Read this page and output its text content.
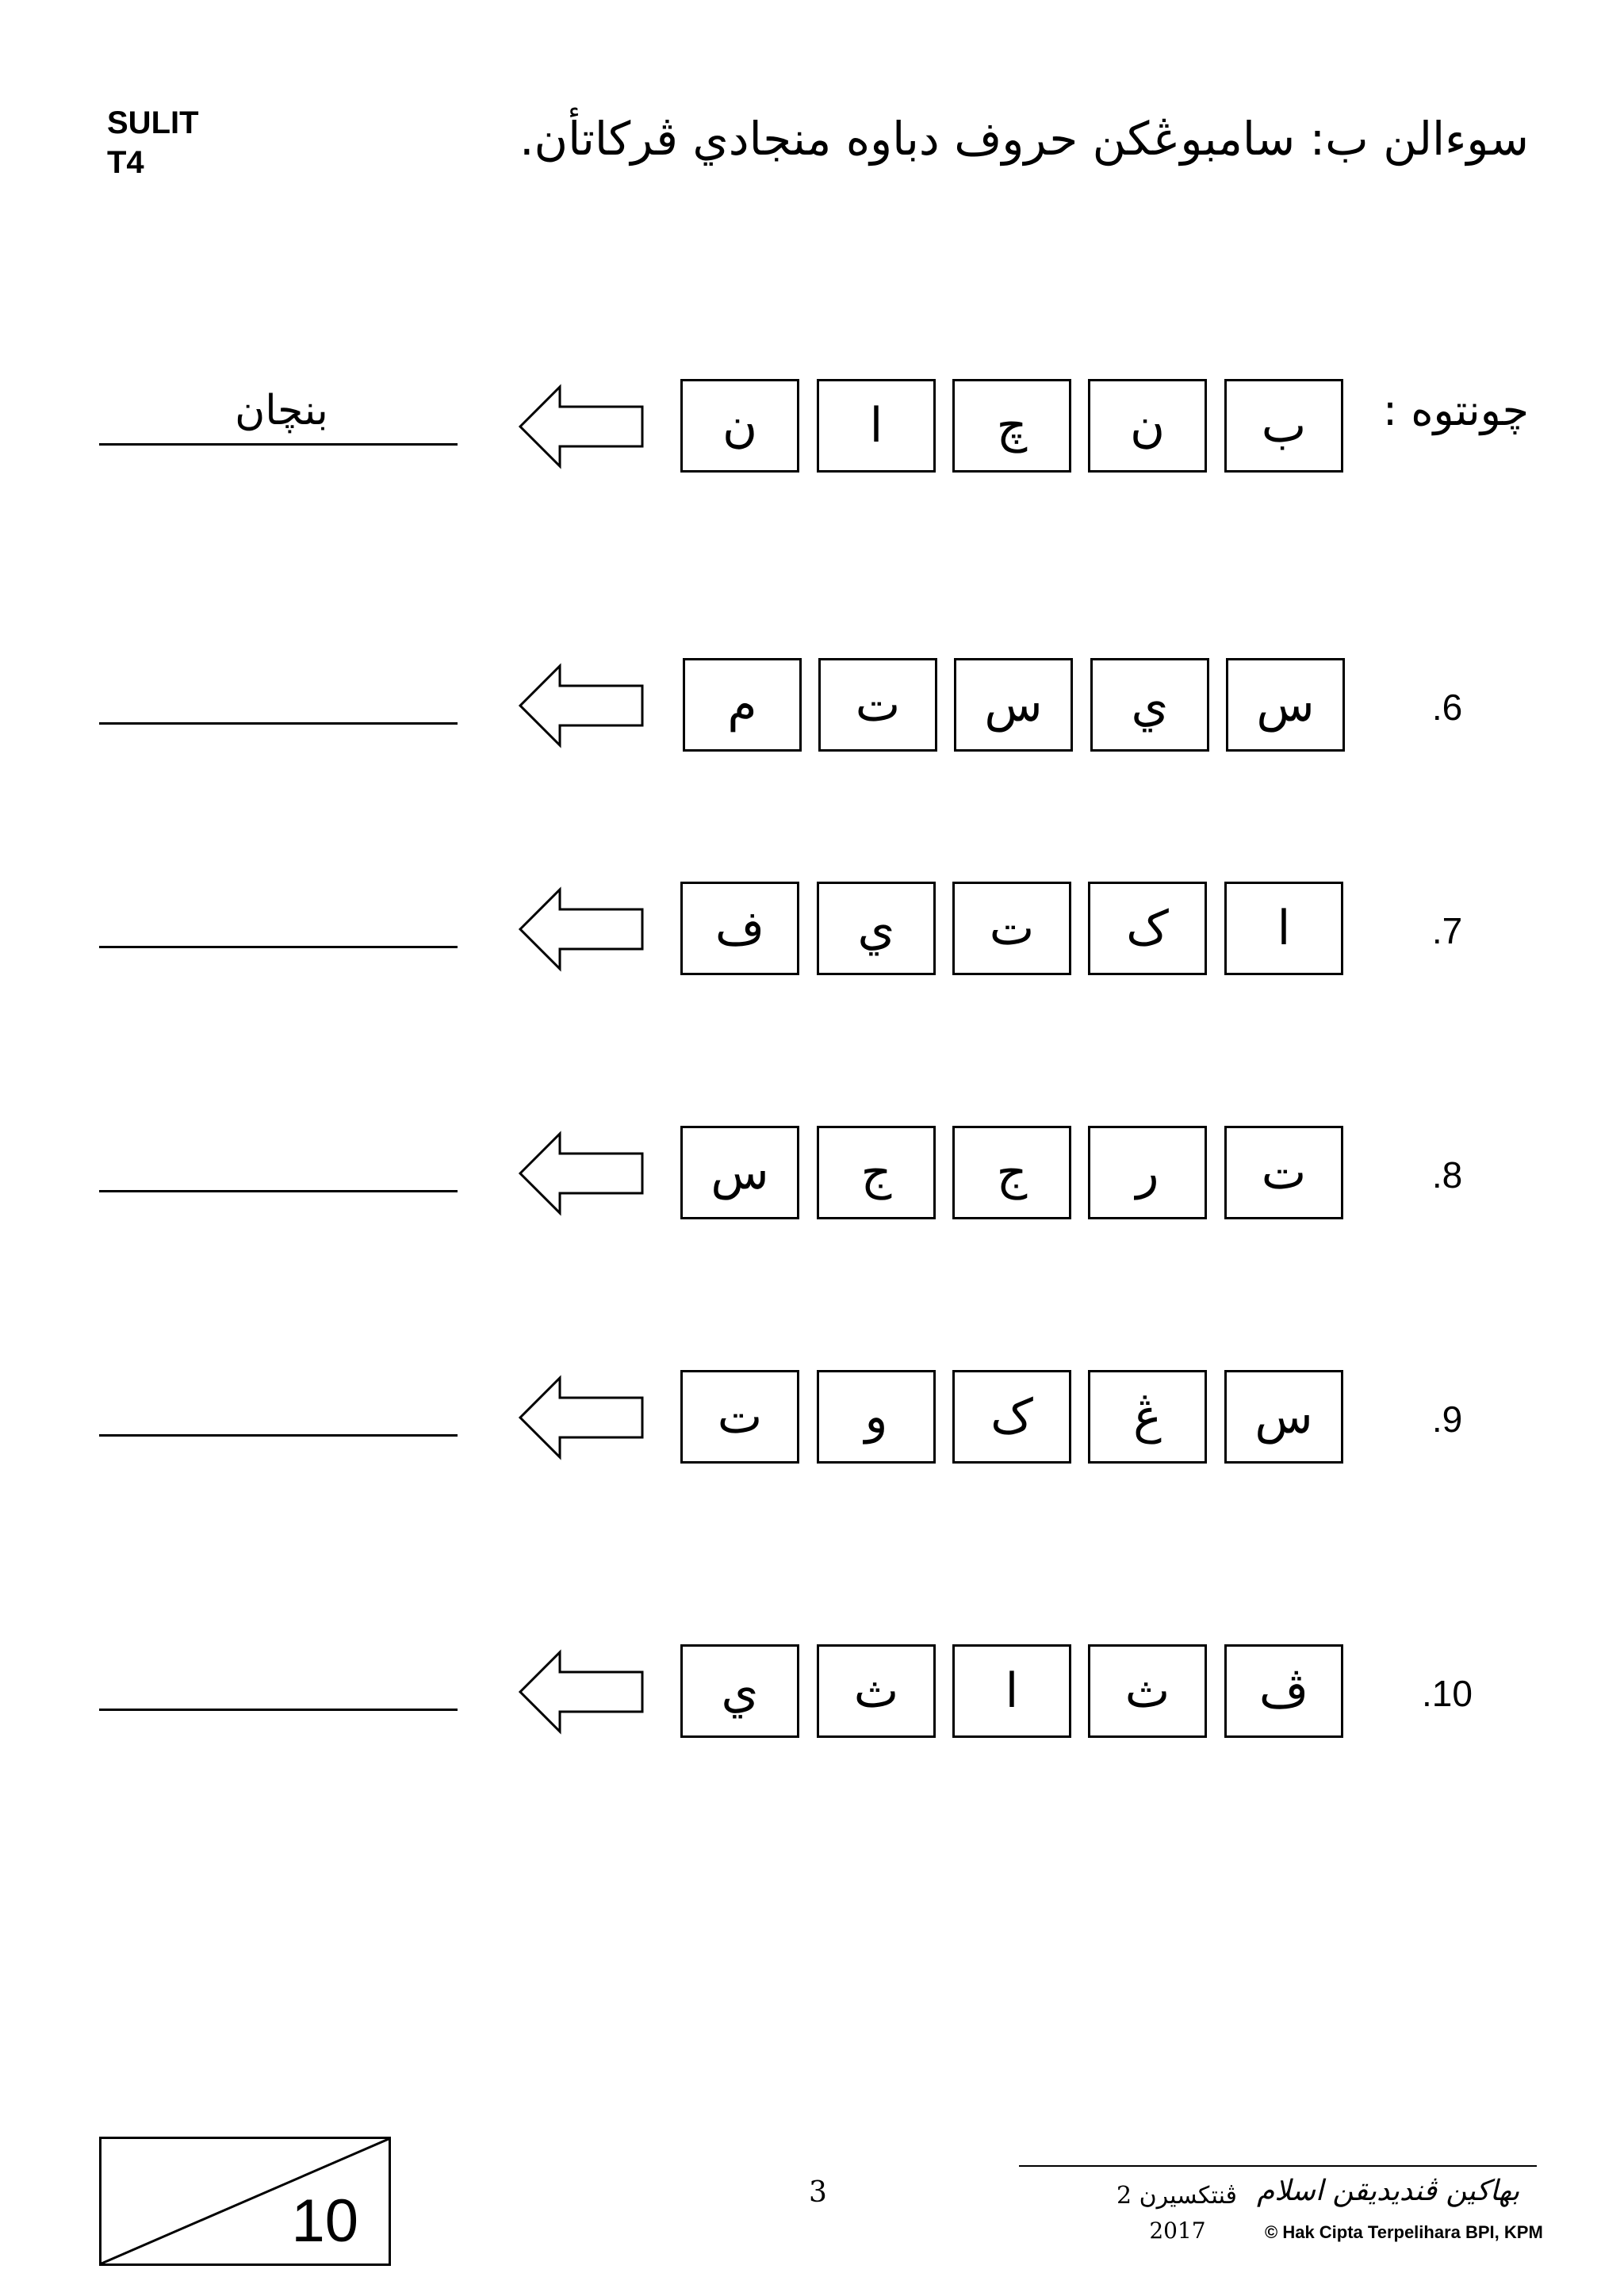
SULIT
T4	سوءالن ب: سامبوڠكن حروف دباوه منجادي ڤركاتأن.
بنچان	ن	ا	چ	ن	ب	چونتوه :
م	ت	س	ي	س	.6
ف	ي	ت	ک	ا	.7
س	ج	ج	ر	ت	.8
ت	و	ک	ڠ	س	.9
ي	ث	ا	ث	ڤ	.10
10	3	بهاكين ڤنديديقن اسلام
ڤنتكسيرن 2
2017	© Hak Cipta Terpelihara BPI, KPM
